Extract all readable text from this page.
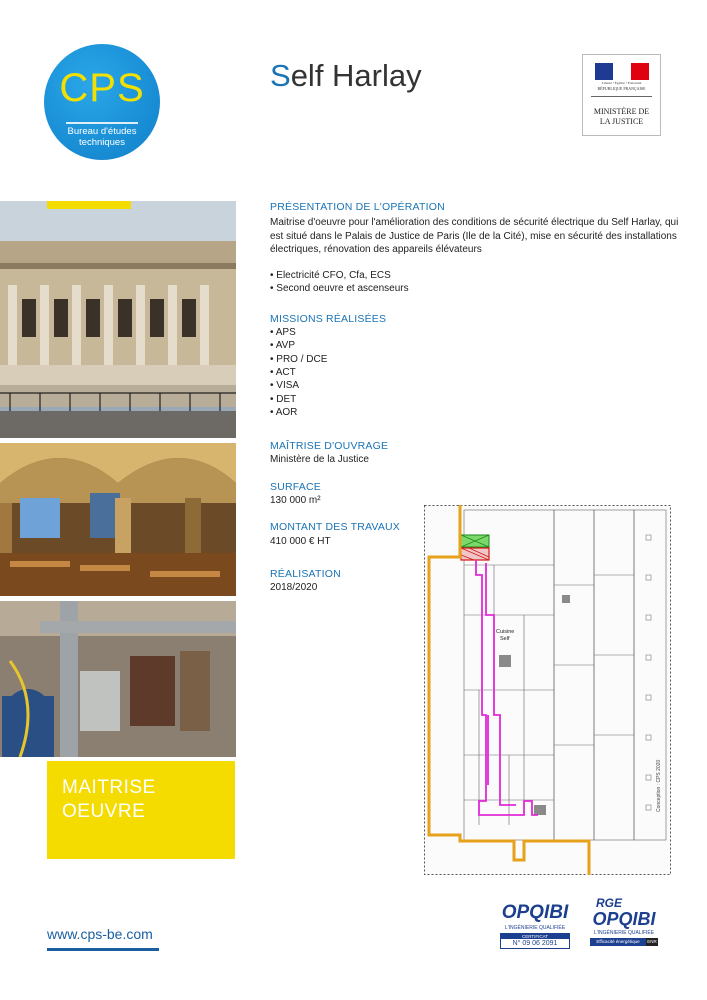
CPS
Bureau d'études techniques
Self Harlay	Liberté • Égalité • Fraternité
RÉPUBLIQUE FRANÇAISE
MINISTÈRE DE
LA JUSTICE
MAITRISE
OEUVRE
PRÉSENTATION DE L'OPÉRATION
Maitrise d'oeuvre pour l'amélioration des conditions de sécurité électrique du Self Harlay, qui est situé dans le Palais de Justice de Paris (Ile de la Cité), mise en sécurité des installations électriques, rénovation des appareils élévateurs
• Electricité CFO, Cfa, ECS
• Second oeuvre et ascenseurs
MISSIONS RÉALISÉES
• APS
• AVP
• PRO / DCE
• ACT
• VISA
• DET
• AOR
MAÎTRISE D'OUVRAGE
Ministère de la Justice
SURFACE
130 000 m²
MONTANT DES TRAVAUX
410 000 € HT
RÉALISATION
2018/2020
Cuisine
Self
Conception : CPS 2020
www.cps-be.com
OPQIBI
L'INGÉNIERIE QUALIFIÉE
CERTIFICAT
N° 09 06 2091
RGE
OPQIBI
L'INGÉNIERIE QUALIFIÉE
Efficacité énergétique	ENR
